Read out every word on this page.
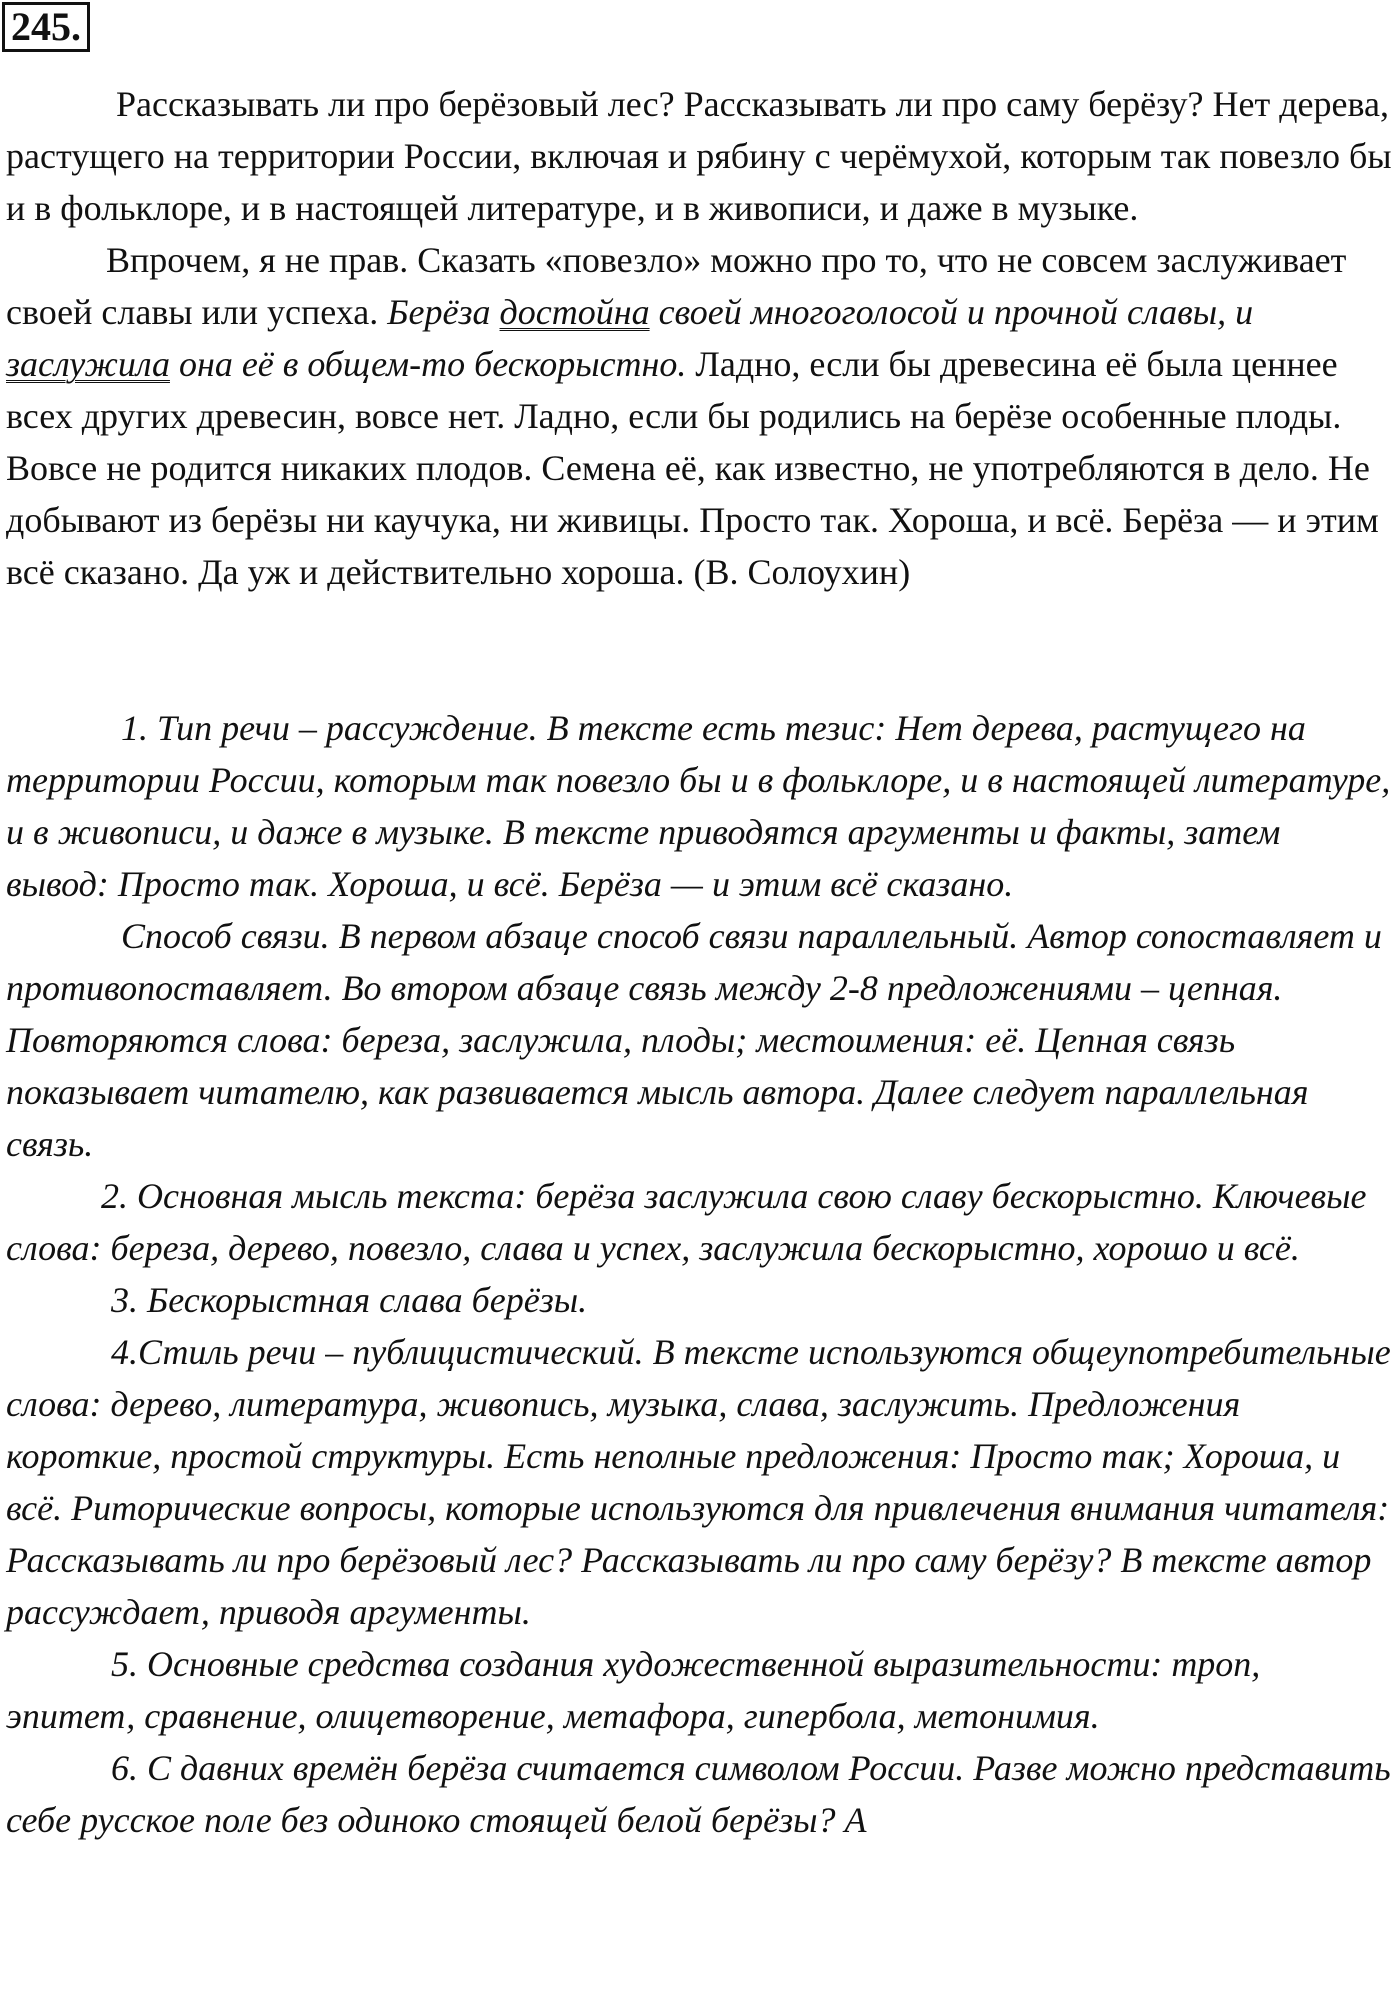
245.

Рассказывать ли про берёзовый лес? Рассказывать ли про саму берёзу? Нет дерева, растущего на территории России, включая и рябину с черёмухой, которым так повезло бы и в фольклоре, и в настоящей литературе, и в живописи, и даже в музыке.

Впрочем, я не прав. Сказать «повезло» можно про то, что не совсем заслуживает своей славы или успеха. Берёза достойна своей многоголосой и прочной славы, и заслужила она её в общем-то бескорыстно. Ладно, если бы древесина её была ценнее всех других древесин, вовсе нет. Ладно, если бы родились на берёзе особенные плоды. Вовсе не родится никаких плодов. Семена её, как известно, не употребляются в дело. Не добывают из берёзы ни каучука, ни живицы. Просто так. Хороша, и всё. Берёза — и этим всё сказано. Да уж и действительно хороша. (В. Солоухин)

1. Тип речи – рассуждение. В тексте есть тезис: Нет дерева, растущего на территории России, которым так повезло бы и в фольклоре, и в настоящей литературе, и в живописи, и даже в музыке. В тексте приводятся аргументы и факты, затем вывод: Просто так. Хороша, и всё. Берёза — и этим всё сказано.

Способ связи. В первом абзаце способ связи параллельный. Автор сопоставляет и противопоставляет. Во втором абзаце связь между 2-8 предложениями – цепная. Повторяются слова: береза, заслужила, плоды; местоимения: её. Цепная связь показывает читателю, как развивается мысль автора. Далее следует параллельная связь.

2. Основная мысль текста: берёза заслужила свою славу бескорыстно. Ключевые слова: береза, дерево, повезло, слава и успех, заслужила бескорыстно, хорошо и всё.

3. Бескорыстная слава берёзы.

4.Стиль речи – публицистический. В тексте используются общеупотребительные слова: дерево, литература, живопись, музыка, слава, заслужить. Предложения короткие, простой структуры. Есть неполные предложения: Просто так; Хороша, и всё. Риторические вопросы, которые используются для привлечения внимания читателя: Рассказывать ли про берёзовый лес? Рассказывать ли про саму берёзу? В тексте автор рассуждает, приводя аргументы.

5. Основные средства создания художественной выразительности: троп, эпитет, сравнение, олицетворение, метафора, гипербола, метонимия.

6. С давних времён берёза считается символом России. Разве можно представить себе русское поле без одиноко стоящей белой берёзы? А
